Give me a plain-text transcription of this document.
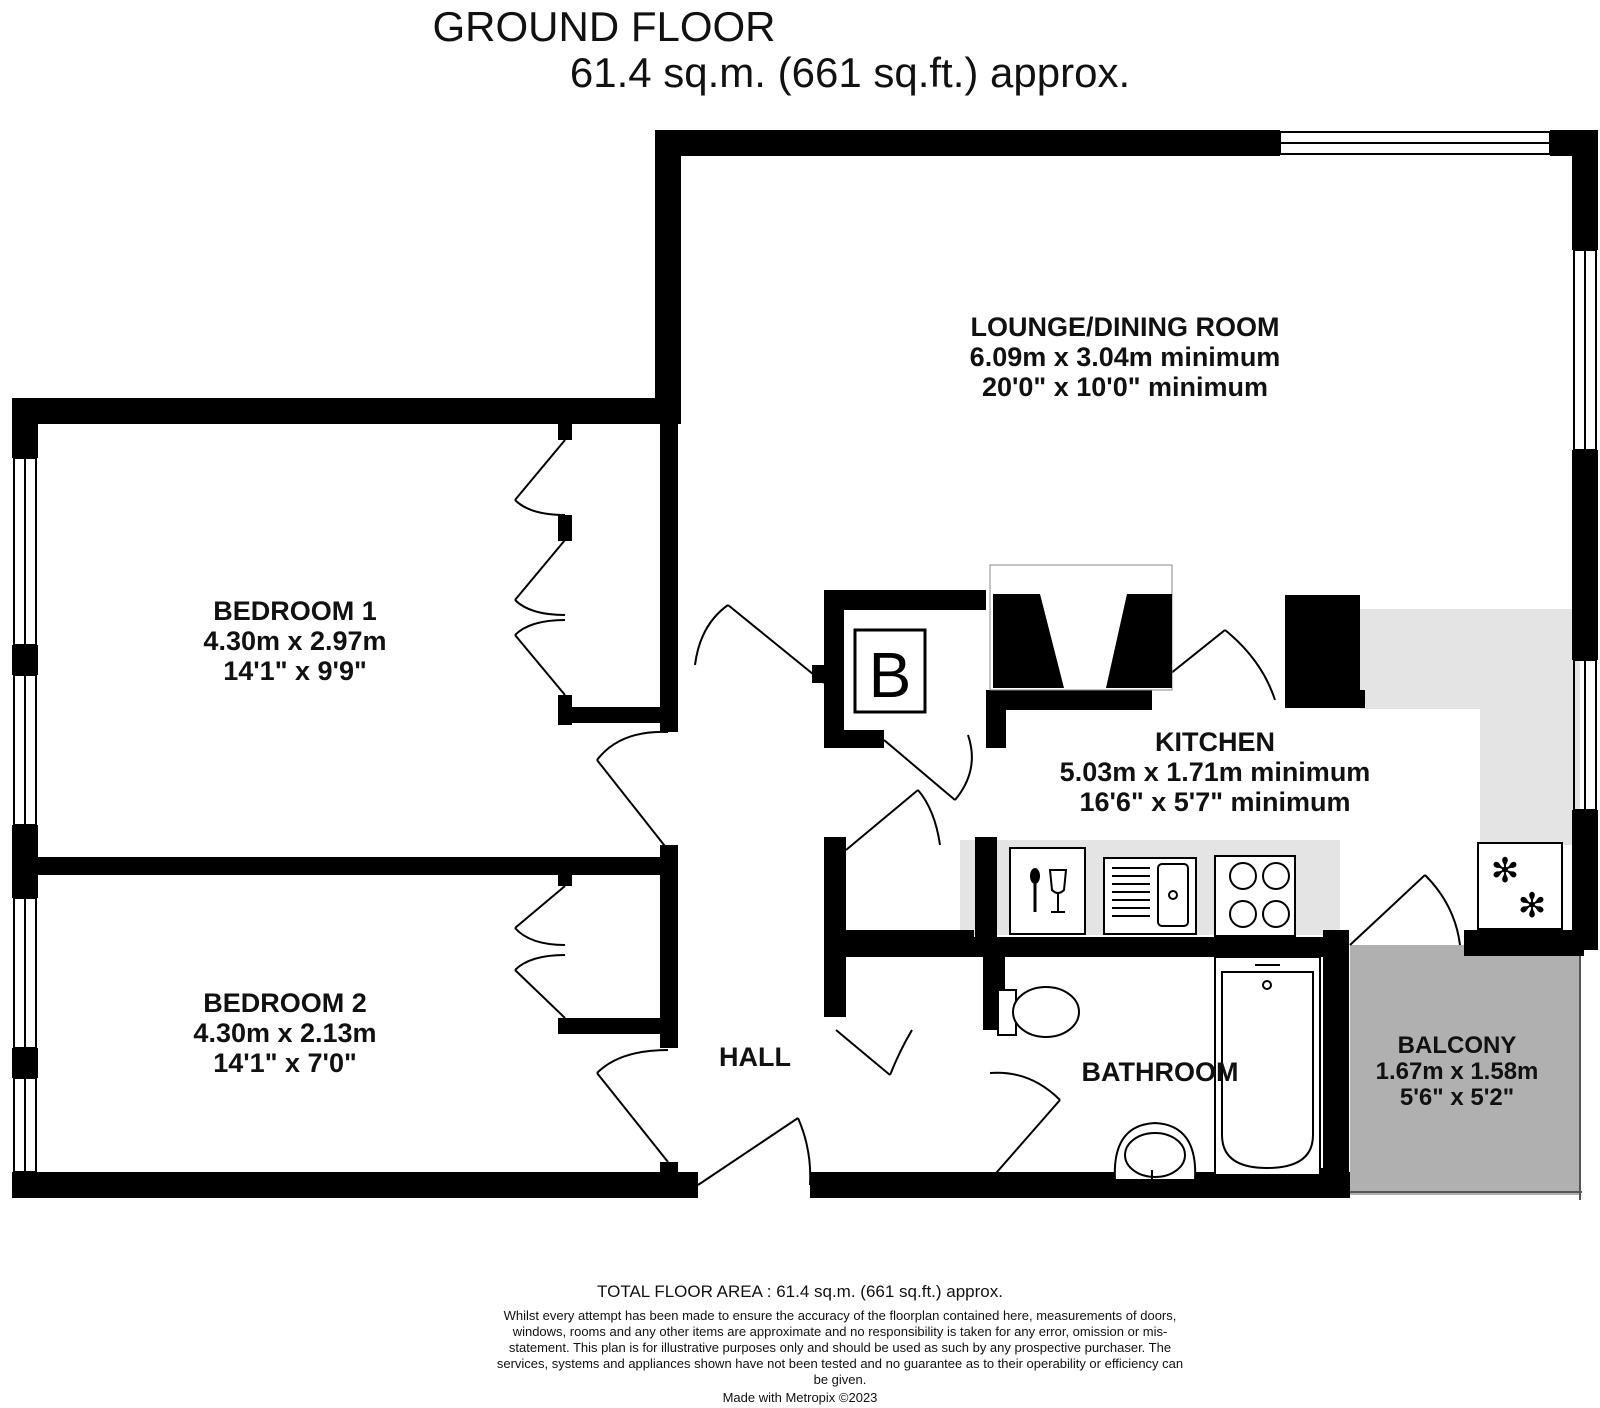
GROUND FLOOR
61.4 sq.m. (661 sq.ft.) approx.
B
✻
✻
LOUNGE/DINING ROOM
6.09m x 3.04m minimum
20'0" x 10'0" minimum
BEDROOM 1
4.30m x 2.97m
14'1" x 9'9"
BEDROOM 2
4.30m x 2.13m
14'1" x 7'0"
KITCHEN
5.03m x 1.71m minimum
16'6" x 5'7" minimum
HALL	BATHROOM
BALCONY
1.67m x 1.58m
5'6" x 5'2"
TOTAL FLOOR AREA : 61.4 sq.m. (661 sq.ft.) approx.
Whilst every attempt has been made to ensure the accuracy of the floorplan contained here, measurements of doors, windows, rooms and any other items are approximate and no responsibility is taken for any error, omission or mis-statement. This plan is for illustrative purposes only and should be used as such by any prospective purchaser. The services, systems and appliances shown have not been tested and no guarantee as to their operability or efficiency can be given.
Made with Metropix ©2023
